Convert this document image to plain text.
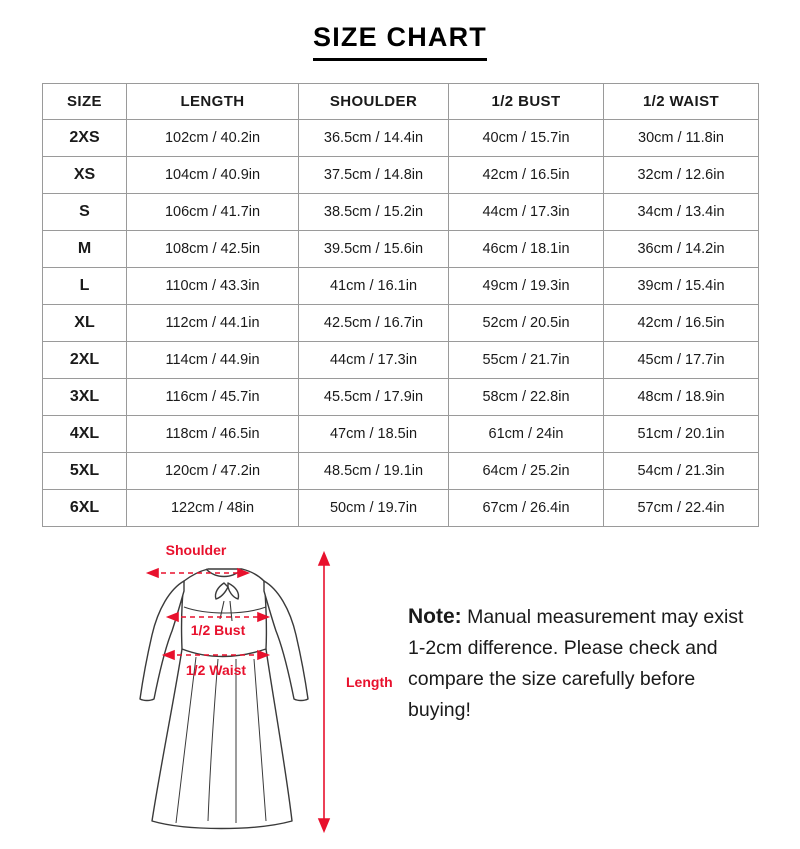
SIZE CHART
SIZE	LENGTH	SHOULDER	1/2 BUST	1/2 WAIST
2XS	102cm / 40.2in	36.5cm / 14.4in	40cm / 15.7in	30cm / 11.8in
XS	104cm / 40.9in	37.5cm / 14.8in	42cm / 16.5in	32cm / 12.6in
S	106cm / 41.7in	38.5cm / 15.2in	44cm / 17.3in	34cm / 13.4in
M	108cm / 42.5in	39.5cm / 15.6in	46cm / 18.1in	36cm / 14.2in
L	110cm / 43.3in	41cm / 16.1in	49cm / 19.3in	39cm / 15.4in
XL	112cm / 44.1in	42.5cm / 16.7in	52cm / 20.5in	42cm / 16.5in
2XL	114cm / 44.9in	44cm / 17.3in	55cm / 21.7in	45cm / 17.7in
3XL	116cm / 45.7in	45.5cm / 17.9in	58cm / 22.8in	48cm / 18.9in
4XL	118cm / 46.5in	47cm / 18.5in	61cm / 24in	51cm / 20.1in
5XL	120cm / 47.2in	48.5cm / 19.1in	64cm / 25.2in	54cm / 21.3in
6XL	122cm / 48in	50cm / 19.7in	67cm / 26.4in	57cm / 22.4in
Shoulder
1/2 Bust
1/2 Waist
Length
Note: Manual measurement may exist 1-2cm difference. Please check and compare the size carefully before buying!
